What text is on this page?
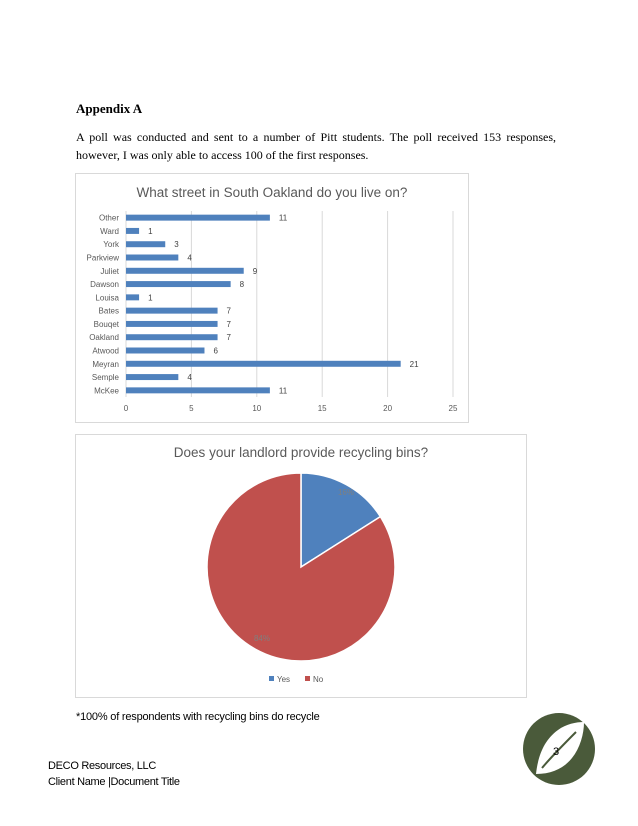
Appendix A
A poll was conducted and sent to a number of Pitt students. The poll received 153 responses, however, I was only able to access 100 of the first responses.
What street in South Oakland do you live on?
0	5	10	15	20	25
McKee	11
Semple	4
Meyran	21
Atwood	6
Oakland	7
Bouqet	7
Bates	7
Louisa	1
Dawson	8
Juliet	9
Parkview	4
York	3
Ward	1
Other	11
Does your landlord provide recycling bins?
16%
84%
Yes	No
*100% of respondents with recycling bins do recycle
DECO Resources, LLC
Client Name |Document Title
3
